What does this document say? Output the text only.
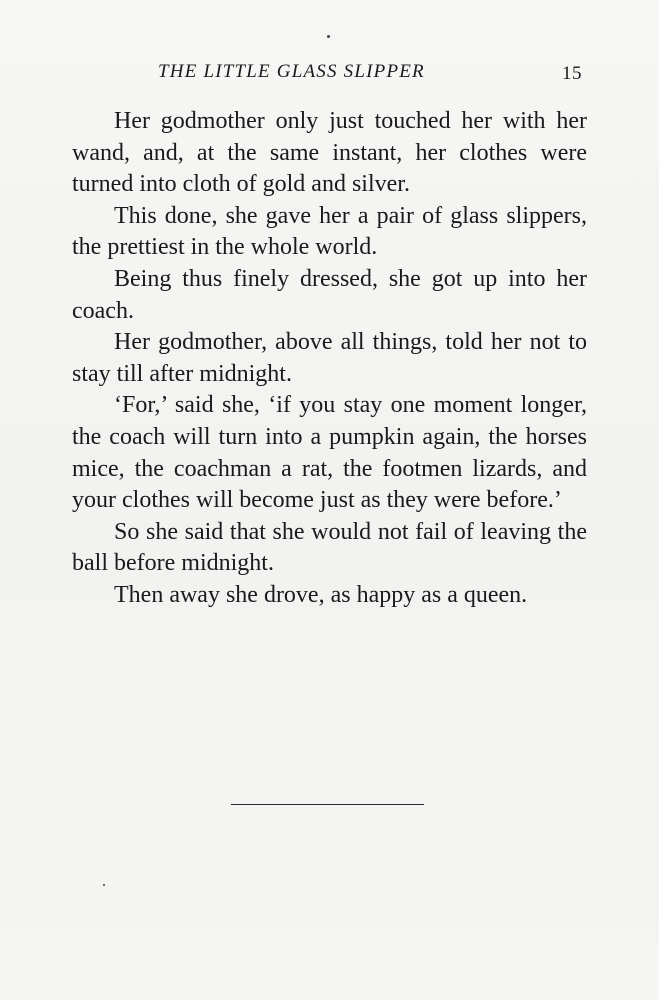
THE LITTLE GLASS SLIPPER	15

Her godmother only just touched her with her wand, and, at the same instant, her clothes were turned into cloth of gold and silver.

This done, she gave her a pair of glass slippers, the prettiest in the whole world.

Being thus finely dressed, she got up into her coach.

Her godmother, above all things, told her not to stay till after midnight.

‘For,’ said she, ‘if you stay one moment longer, the coach will turn into a pumpkin again, the horses mice, the coachman a rat, the footmen lizards, and your clothes will become just as they were before.’

So she said that she would not fail of leaving the ball before midnight.

Then away she drove, as happy as a queen.
